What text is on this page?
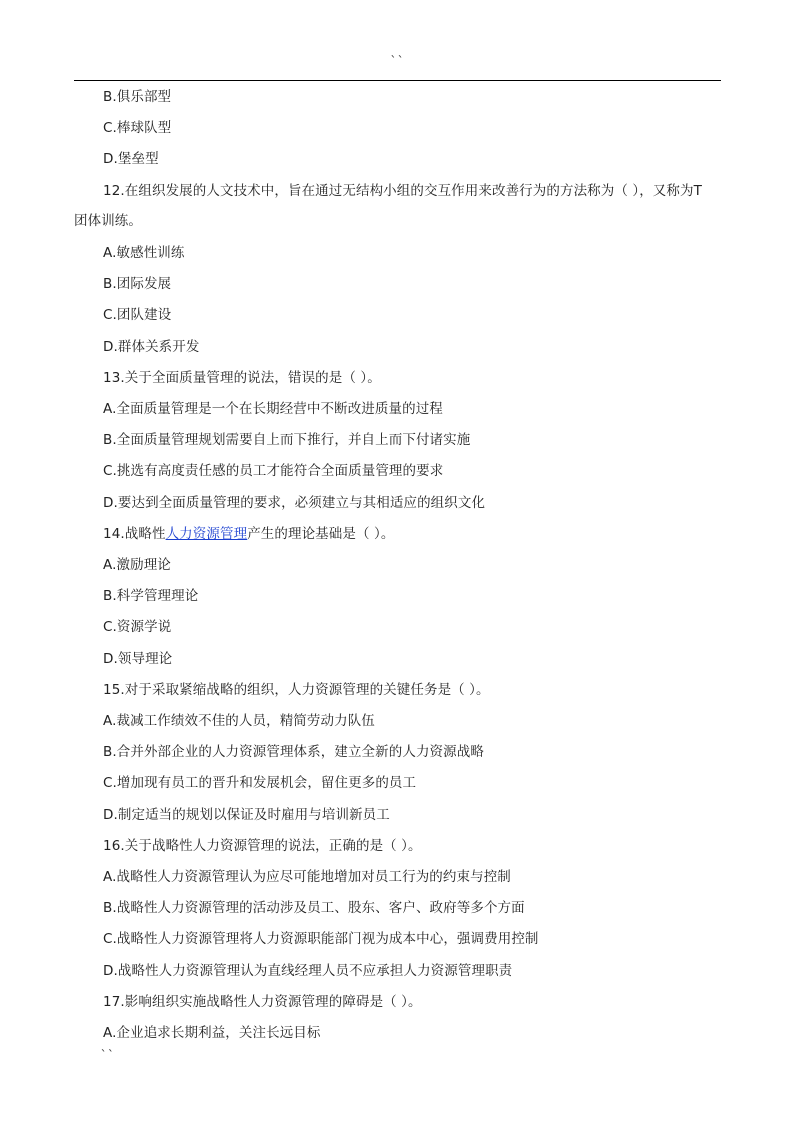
``
B.俱乐部型
C.棒球队型
D.堡垒型
12.在组织发展的人文技术中，旨在通过无结构小组的交互作用来改善行为的方法称为（ ），又称为T
团体训练。
A.敏感性训练
B.团际发展
C.团队建设
D.群体关系开发
13.关于全面质量管理的说法，错误的是（ ）。
A.全面质量管理是一个在长期经营中不断改进质量的过程
B.全面质量管理规划需要自上而下推行，并自上而下付诸实施
C.挑选有高度责任感的员工才能符合全面质量管理的要求
D.要达到全面质量管理的要求，必须建立与其相适应的组织文化
14.战略性人力资源管理产生的理论基础是（ ）。
A.激励理论
B.科学管理理论
C.资源学说
D.领导理论
15.对于采取紧缩战略的组织，人力资源管理的关键任务是（ ）。
A.裁减工作绩效不佳的人员，精简劳动力队伍
B.合并外部企业的人力资源管理体系，建立全新的人力资源战略
C.增加现有员工的晋升和发展机会，留住更多的员工
D.制定适当的规划以保证及时雇用与培训新员工
16.关于战略性人力资源管理的说法，正确的是（ ）。
A.战略性人力资源管理认为应尽可能地增加对员工行为的约束与控制
B.战略性人力资源管理的活动涉及员工、股东、客户、政府等多个方面
C.战略性人力资源管理将人力资源职能部门视为成本中心，强调费用控制
D.战略性人力资源管理认为直线经理人员不应承担人力资源管理职责
17.影响组织实施战略性人力资源管理的障碍是（ ）。
A.企业追求长期利益，关注长远目标
``
